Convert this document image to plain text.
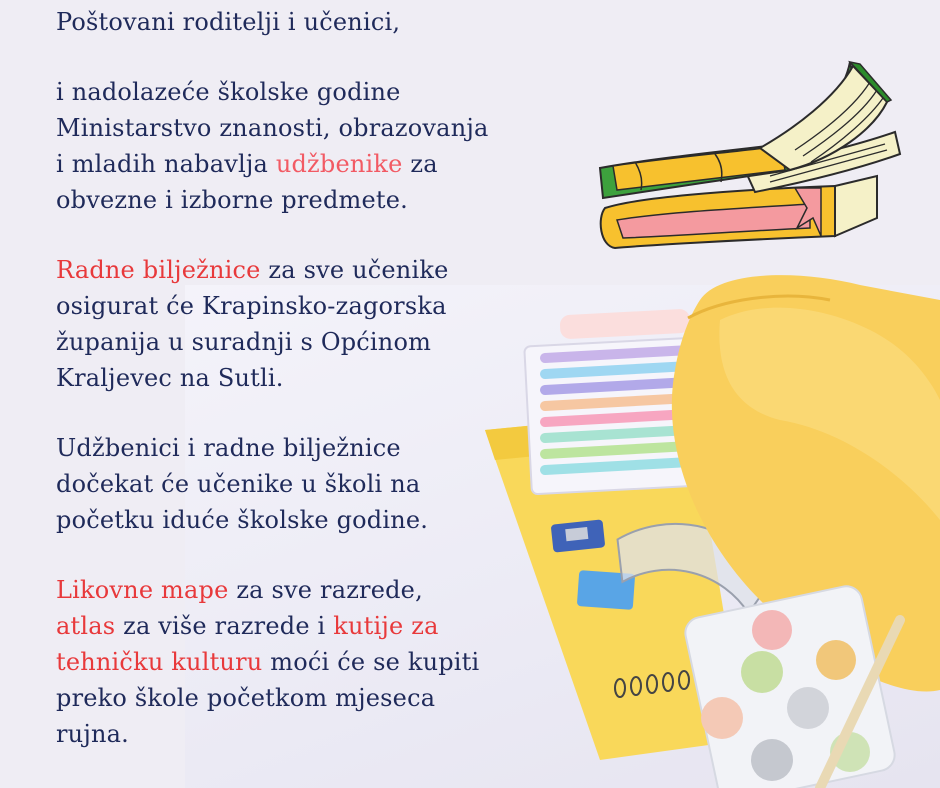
Poštovani roditelji i učenici,

i nadolazeće školske godine
Ministarstvo znanosti, obrazovanja
i mladih nabavlja udžbenike za
obvezne i izborne predmete.

Radne bilježnice za sve učenike
osigurat će Krapinsko-zagorska
županija u suradnji s Općinom
Kraljevec na Sutli.

Udžbenici i radne bilježnice
dočekat će učenike u školi na
početku iduće školske godine.

Likovne mape za sve razrede,
atlas za više razrede i kutije za
tehničku kulturu moći će se kupiti
preko škole početkom mjeseca
rujna.
